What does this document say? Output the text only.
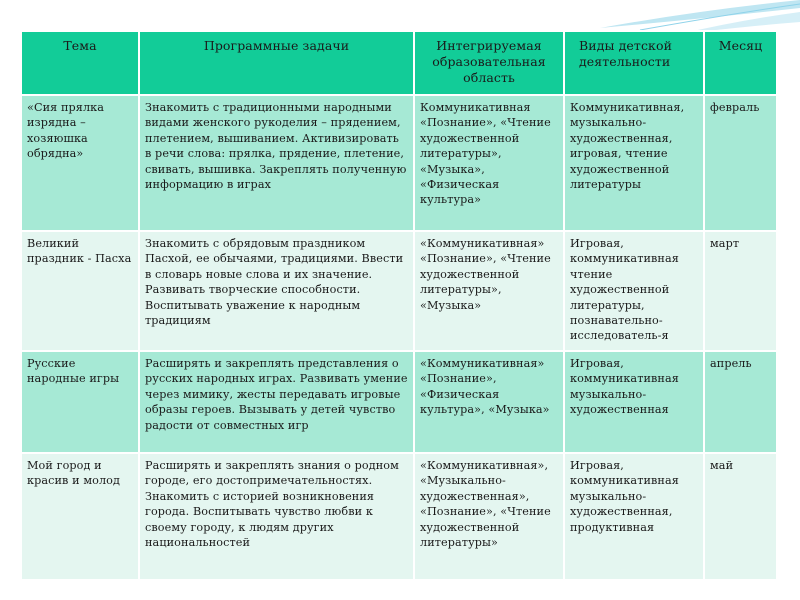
Тема	Программные задачи	Интегрируемая образовательная область	Виды детской деятельности	Месяц
«Сия прялка изрядна – хозяюшка обрядна»	Знакомить с традиционными народными видами женского рукоделия – прядением, плетением, вышиванием. Активизировать в речи слова: прялка, прядение, плетение, свивать, вышивка. Закреплять полученную информацию в играх	Коммуникативная «Познание», «Чтение художественной литературы», «Музыка», «Физическая культура»	Коммуникативная, музыкально-художественная, игровая, чтение художественной литературы	февраль
Великий праздник - Пасха	Знакомить с обрядовым праздником Пасхой, ее обычаями, традициями. Ввести в словарь новые слова и их значение. Развивать творческие способности. Воспитывать уважение к народным традициям	«Коммуникативная» «Познание», «Чтение художественной литературы», «Музыка»	Игровая, коммуникативная чтение художественной литературы, познавательно-исследователь-я	март
Русские народные игры	Расширять и закреплять представления о русских народных играх. Развивать умение через мимику, жесты передавать игровые образы героев. Вызывать у детей чувство радости от совместных игр	«Коммуникативная» «Познание», «Физическая культура», «Музыка»	Игровая, коммуникативная музыкально-художественная	апрель
Мой город и красив и молод	Расширять и закреплять знания о родном городе, его достопримечательностях. Знакомить с историей возникновения города. Воспитывать чувство любви к своему городу, к людям других национальностей	«Коммуникативная», «Музыкально-художественная», «Познание», «Чтение художественной литературы»	Игровая, коммуникативная музыкально-художественная, продуктивная	май
